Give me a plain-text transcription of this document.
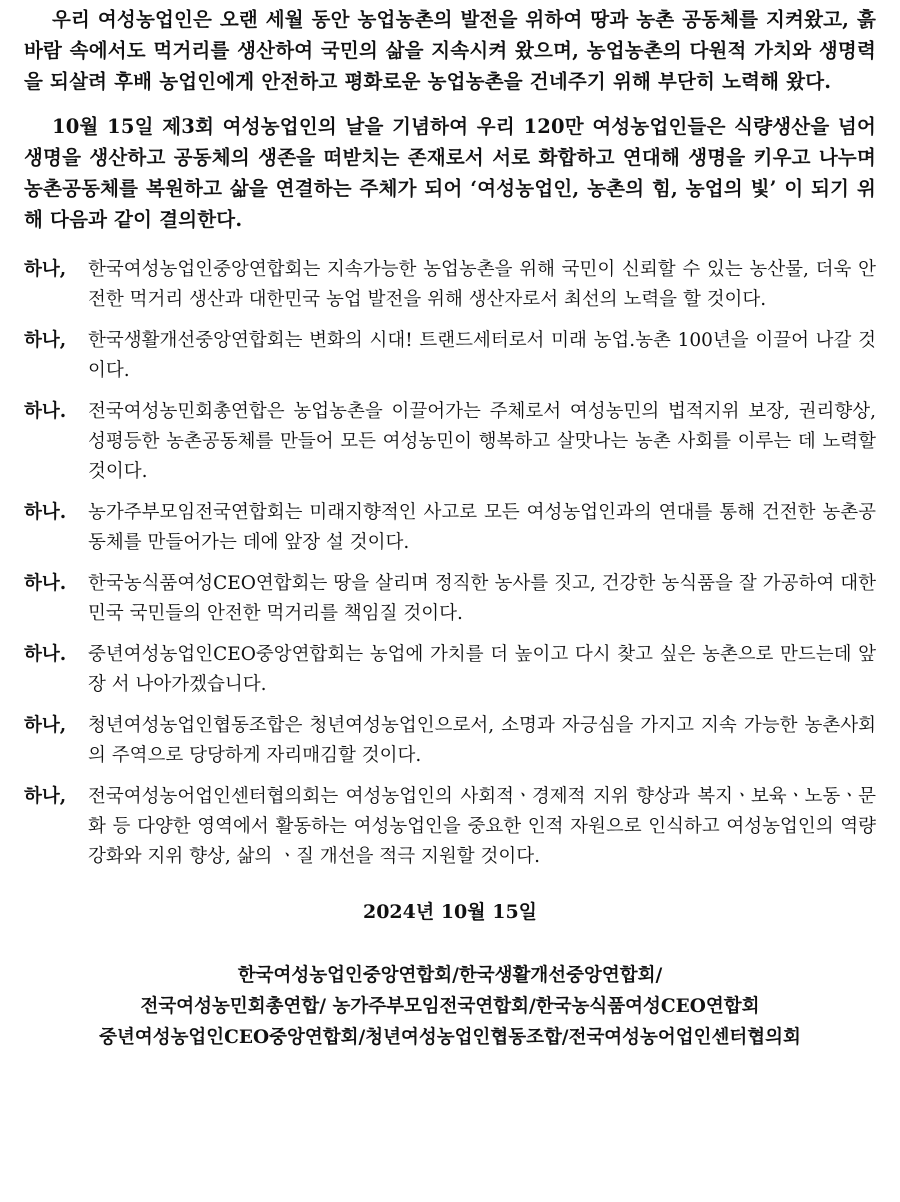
우리 여성농업인은 오랜 세월 동안 농업농촌의 발전을 위하여 땅과 농촌 공동체를 지켜왔고, 흙바람 속에서도 먹거리를 생산하여 국민의 삶을 지속시켜 왔으며, 농업농촌의 다원적 가치와 생명력을 되살려 후배 농업인에게 안전하고 평화로운 농업농촌을 건네주기 위해 부단히 노력해 왔다.

10월 15일 제3회 여성농업인의 날을 기념하여 우리 120만 여성농업인들은 식량생산을 넘어 생명을 생산하고 공동체의 생존을 떠받치는 존재로서 서로 화합하고 연대해 생명을 키우고 나누며 농촌공동체를 복원하고 삶을 연결하는 주체가 되어 ‘여성농업인, 농촌의 힘, 농업의 빛’ 이 되기 위해 다음과 같이 결의한다.

하나,	한국여성농업인중앙연합회는 지속가능한 농업농촌을 위해 국민이 신뢰할 수 있는 농산물, 더욱 안전한 먹거리 생산과 대한민국 농업 발전을 위해 생산자로서 최선의 노력을 할 것이다.
하나,	한국생활개선중앙연합회는 변화의 시대! 트랜드세터로서 미래 농업.농촌 100년을 이끌어 나갈 것이다.
하나.	전국여성농민회총연합은 농업농촌을 이끌어가는 주체로서 여성농민의 법적지위 보장, 권리향상, 성평등한 농촌공동체를 만들어 모든 여성농민이 행복하고 살맛나는 농촌 사회를 이루는 데 노력할 것이다.
하나.	농가주부모임전국연합회는 미래지향적인 사고로 모든 여성농업인과의 연대를 통해 건전한 농촌공동체를 만들어가는 데에 앞장 설 것이다.
하나.	한국농식품여성CEO연합회는 땅을 살리며 정직한 농사를 짓고, 건강한 농식품을 잘 가공하여 대한민국 국민들의 안전한 먹거리를 책임질 것이다.
하나.	중년여성농업인CEO중앙연합회는 농업에 가치를 더 높이고 다시 찾고 싶은 농촌으로 만드는데 앞장 서 나아가겠습니다.
하나,	청년여성농업인협동조합은 청년여성농업인으로서, 소명과 자긍심을 가지고 지속 가능한 농촌사회의 주역으로 당당하게 자리매김할 것이다.
하나,	전국여성농어업인센터협의회는 여성농업인의 사회적ㆍ경제적 지위 향상과 복지ㆍ보육ㆍ노동ㆍ문화 등 다양한 영역에서 활동하는 여성농업인을 중요한 인적 자원으로 인식하고 여성농업인의 역량 강화와 지위 향상, 삶의 ㆍ질 개선을 적극 지원할 것이다.
2024년 10월 15일
한국여성농업인중앙연합회/한국생활개선중앙연합회/
전국여성농민회총연합/ 농가주부모임전국연합회/한국농식품여성CEO연합회
중년여성농업인CEO중앙연합회/청년여성농업인협동조합/전국여성농어업인센터협의회
